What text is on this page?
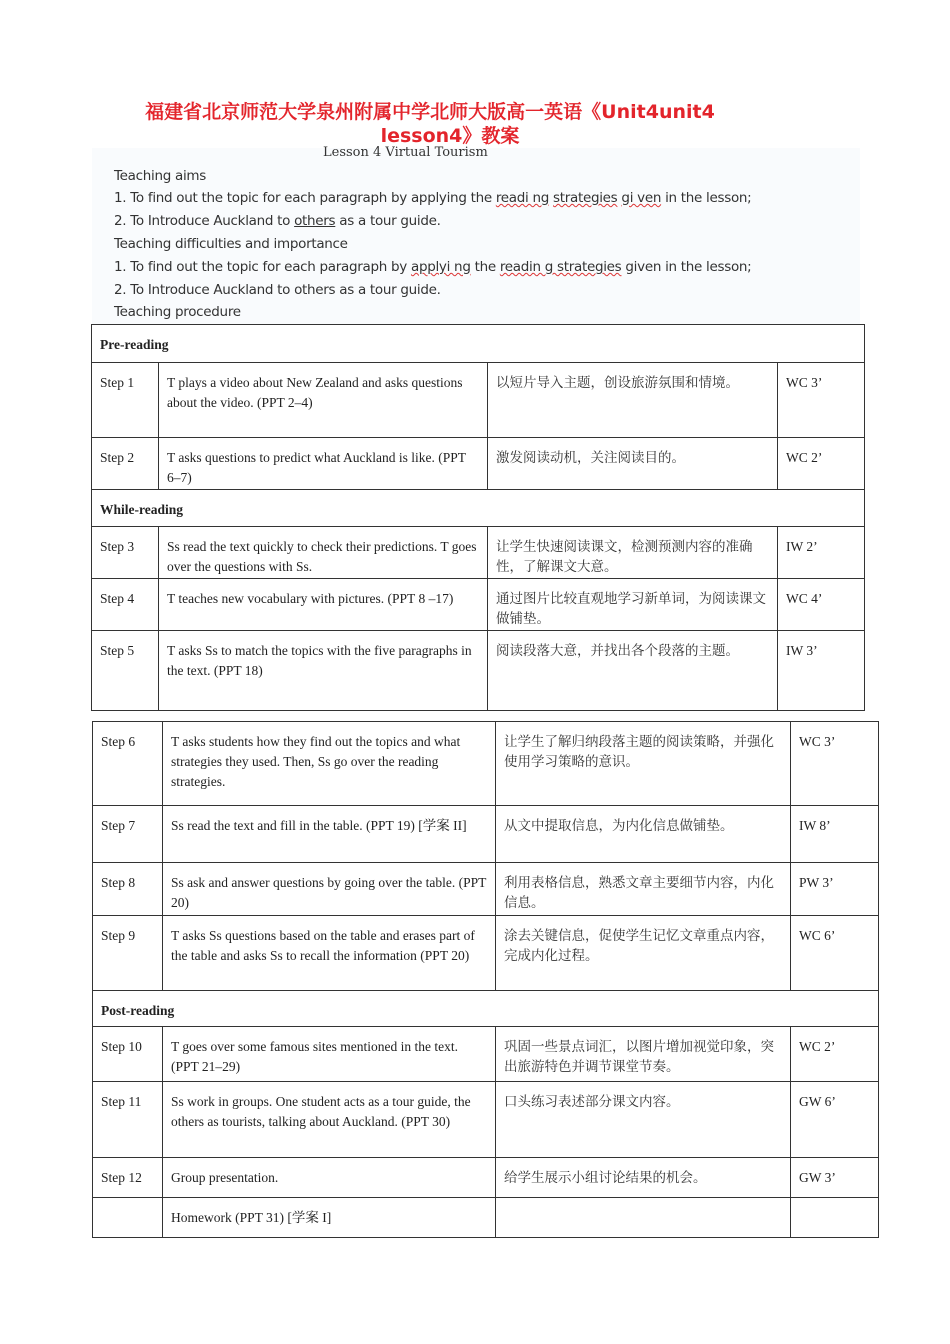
福建省北京师范大学泉州附属中学北师大版高一英语《Unit4unit4
lesson4》教案

Teaching aims

1. To find out the topic for each paragraph by applying the readi ng strategies gi ven in the lesson;

2. To Introduce Auckland to others as a tour guide.

Teaching difficulties and importance

1. To find out the topic for each paragraph by applyi ng the readin g strategies given in the lesson;

2. To Introduce Auckland to others as a tour guide.

Teaching procedure

Lesson 4 Virtual Tourism
Pre-reading			
Step 1	T plays a video about New Zealand and asks questions about the video. (PPT 2–4)	以短片导入主题，创设旅游氛围和情境。	WC 3’
Step 2	T asks questions to predict what Auckland is like. (PPT 6–7)	激发阅读动机，关注阅读目的。	WC 2’
While-reading			
Step 3	Ss read the text quickly to check their predictions. T goes over the questions with Ss.	让学生快速阅读课文，检测预测内容的准确性，了解课文大意。	IW 2’
Step 4	T teaches new vocabulary with pictures. (PPT 8 –17)	通过图片比较直观地学习新单词，为阅读课文做铺垫。	WC 4’
Step 5	T asks Ss to match the topics with the five paragraphs in the text. (PPT 18)	阅读段落大意，并找出各个段落的主题。	IW 3’
Step 6	T asks students how they find out the topics and what strategies they used. Then, Ss go over the reading strategies.	让学生了解归纳段落主题的阅读策略，并强化使用学习策略的意识。	WC 3’
Step 7	Ss read the text and fill in the table. (PPT 19) [学案 II]	从文中提取信息，为内化信息做铺垫。	IW 8’
Step 8	Ss ask and answer questions by going over the table. (PPT 20)	利用表格信息，熟悉文章主要细节内容，内化信息。	PW 3’
Step 9	T asks Ss questions based on the table and erases part of the table and asks Ss to recall the information (PPT 20)	涂去关键信息，促使学生记忆文章重点内容，完成内化过程。	WC 6’
Post-reading			
Step 10	T goes over some famous sites mentioned in the text. (PPT 21–29)	巩固一些景点词汇，以图片增加视觉印象，突出旅游特色并调节课堂节奏。	WC 2’
Step 11	Ss work in groups. One student acts as a tour guide, the others as tourists, talking about Auckland. (PPT 30)	口头练习表述部分课文内容。	GW 6’
Step 12	Group presentation.	给学生展示小组讨论结果的机会。	GW 3’
	Homework (PPT 31) [学案 I]		
